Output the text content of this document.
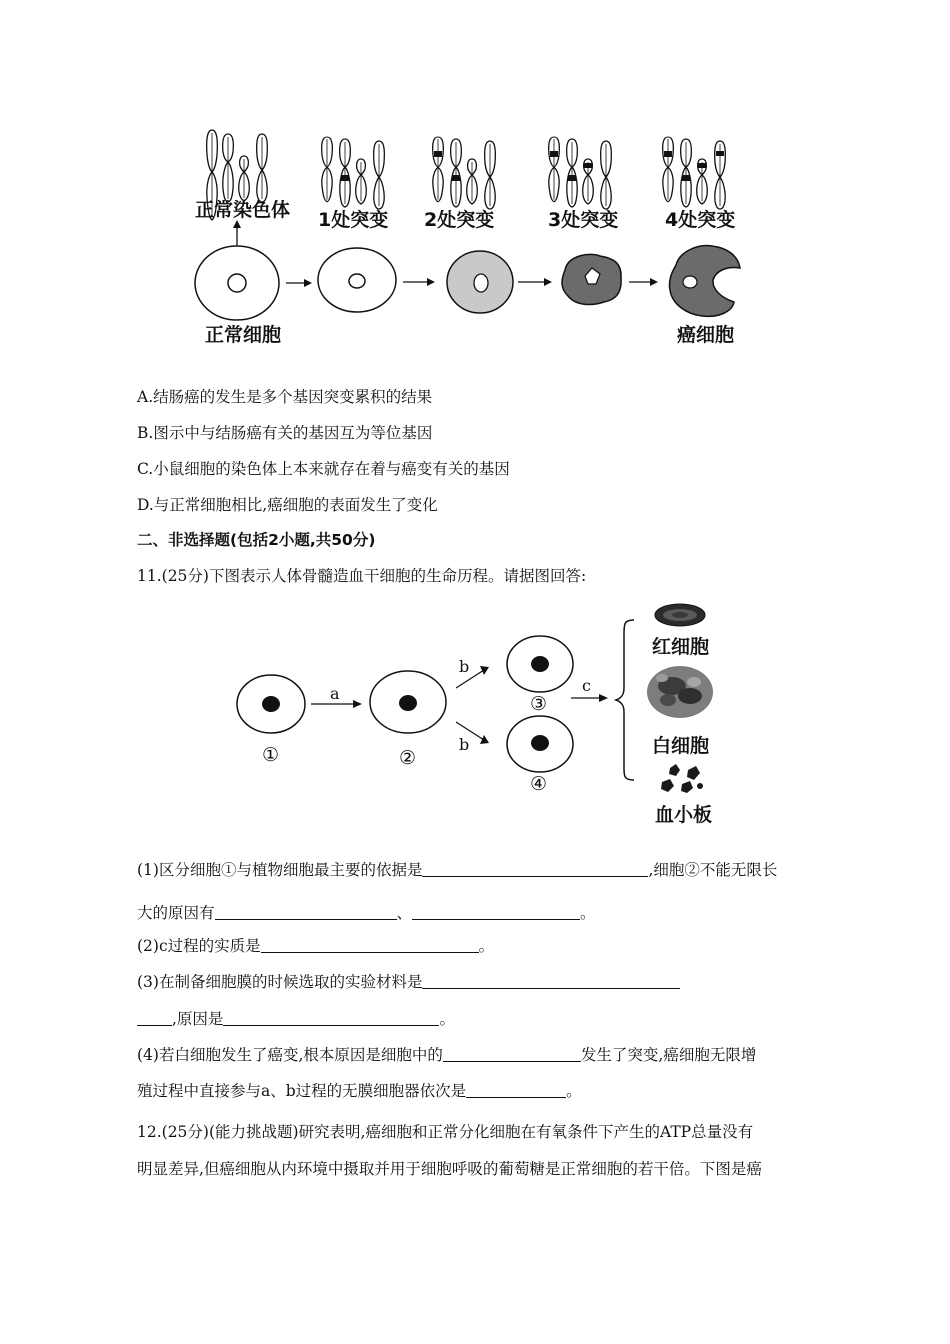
正常染色体 1处突变 2处突变	3处突变 4处突变
正常细胞	癌细胞
A.结肠癌的发生是多个基因突变累积的结果
B.图示中与结肠癌有关的基因互为等位基因
C.小鼠细胞的染色体上本来就存在着与癌变有关的基因
D.与正常细胞相比,癌细胞的表面发生了变化
二、非选择题(包括2小题,共50分)
11.(25分)下图表示人体骨髓造血干细胞的生命历程。请据图回答:
a
b
b
c
①	②
③
④
红细胞
白细胞
血小板
(1)区分细胞①与植物细胞最主要的依据是	,细胞②不能无限长
大的原因有	、	。
(2)c过程的实质是	。
(3)在制备细胞膜的时候选取的实验材料是
,原因是	。
(4)若白细胞发生了癌变,根本原因是细胞中的	发生了突变,癌细胞无限增
殖过程中直接参与a、b过程的无膜细胞器依次是	。
12.(25分)(能力挑战题)研究表明,癌细胞和正常分化细胞在有氧条件下产生的ATP总量没有
明显差异,但癌细胞从内环境中摄取并用于细胞呼吸的葡萄糖是正常细胞的若干倍。下图是癌
